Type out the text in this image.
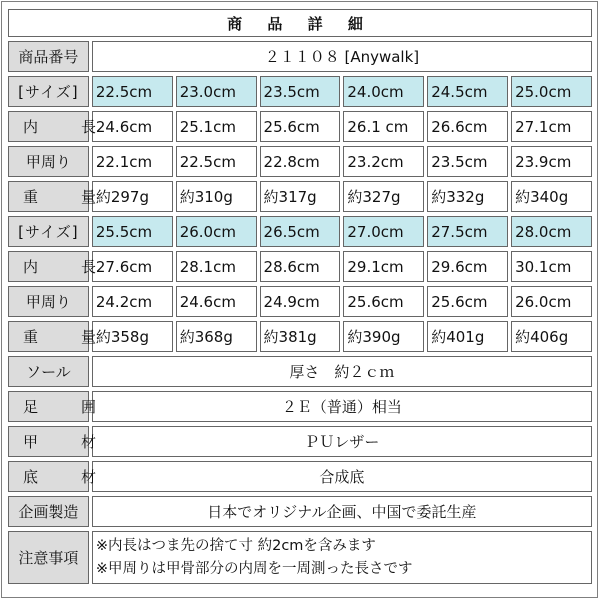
商 品 詳 細						
商品番号	２１１０８ [Anywalk]					
[サイズ]	22.5cm	23.0cm	23.5cm	24.0cm	24.5cm	25.0cm
内　長	24.6cm	25.1cm	25.6cm	26.1 cm	26.6cm	27.1cm
甲周り	22.1cm	22.5cm	22.8cm	23.2cm	23.5cm	23.9cm
重　量	約297g	約310g	約317g	約327g	約332g	約340g
[サイズ]	25.5cm	26.0cm	26.5cm	27.0cm	27.5cm	28.0cm
内　長	27.6cm	28.1cm	28.6cm	29.1cm	29.6cm	30.1cm
甲周り	24.2cm	24.6cm	24.9cm	25.6cm	25.6cm	26.0cm
重　量	約358g	約368g	約381g	約390g	約401g	約406g
ソール	厚さ　約２ｃｍ					
足　囲	２Ｅ（普通）相当					
甲　材	ＰＵレザー					
底　材	合成底					
企画製造	日本でオリジナル企画、中国で委託生産					
注意事項	※内長はつま先の捨て寸 約2cmを含みます
※甲周りは甲骨部分の内周を一周測った長さです					
